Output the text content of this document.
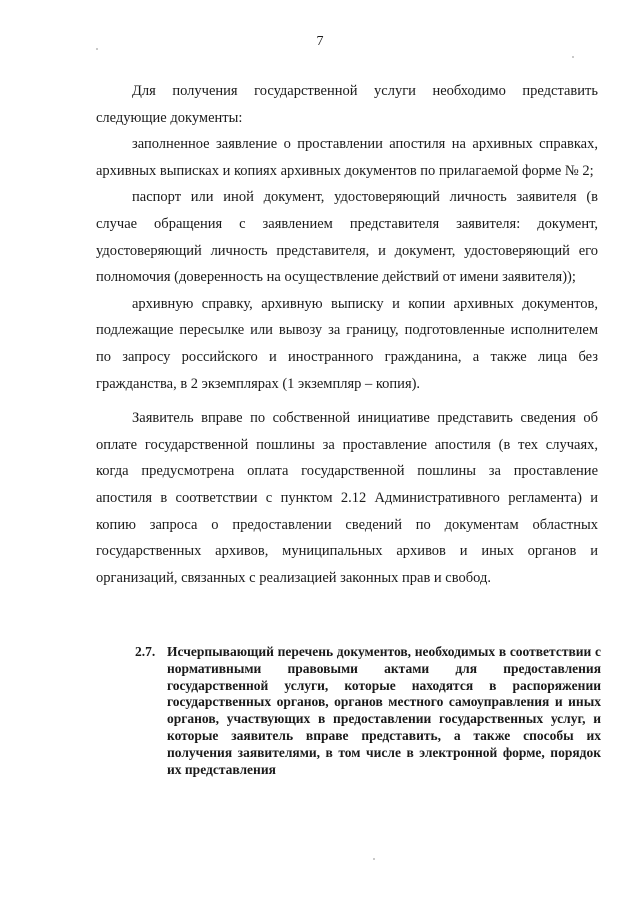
7

Для получения государственной услуги необходимо представить следующие документы:

заполненное заявление о проставлении апостиля на архивных справках, архивных выписках и копиях архивных документов по прилагаемой форме № 2;

паспорт или иной документ, удостоверяющий личность заявителя (в случае обращения с заявлением представителя заявителя: документ, удостоверяющий личность представителя, и документ, удостоверяющий его полномочия (доверенность на осуществление действий от имени заявителя));

архивную справку, архивную выписку и копии архивных документов, подлежащие пересылке или вывозу за границу, подготовленные исполнителем по запросу российского и иностранного гражданина, а также лица без гражданства, в 2 экземплярах (1 экземпляр – копия).

Заявитель вправе по собственной инициативе представить сведения об оплате государственной пошлины за проставление апостиля (в тех случаях, когда предусмотрена оплата государственной пошлины за проставление апостиля в соответствии с пунктом 2.12 Административного регламента) и копию запроса о предоставлении сведений по документам областных государственных архивов, муниципальных архивов и иных органов и организаций, связанных с реализацией законных прав и свобод.

2.7. Исчерпывающий перечень документов, необходимых в соответствии с нормативными правовыми актами для предоставления государственной услуги, которые находятся в распоряжении государственных органов, органов местного самоуправления и иных органов, участвующих в предоставлении государственных услуг, и которые заявитель вправе представить, а также способы их получения заявителями, в том числе в электронной форме, порядок их представления
